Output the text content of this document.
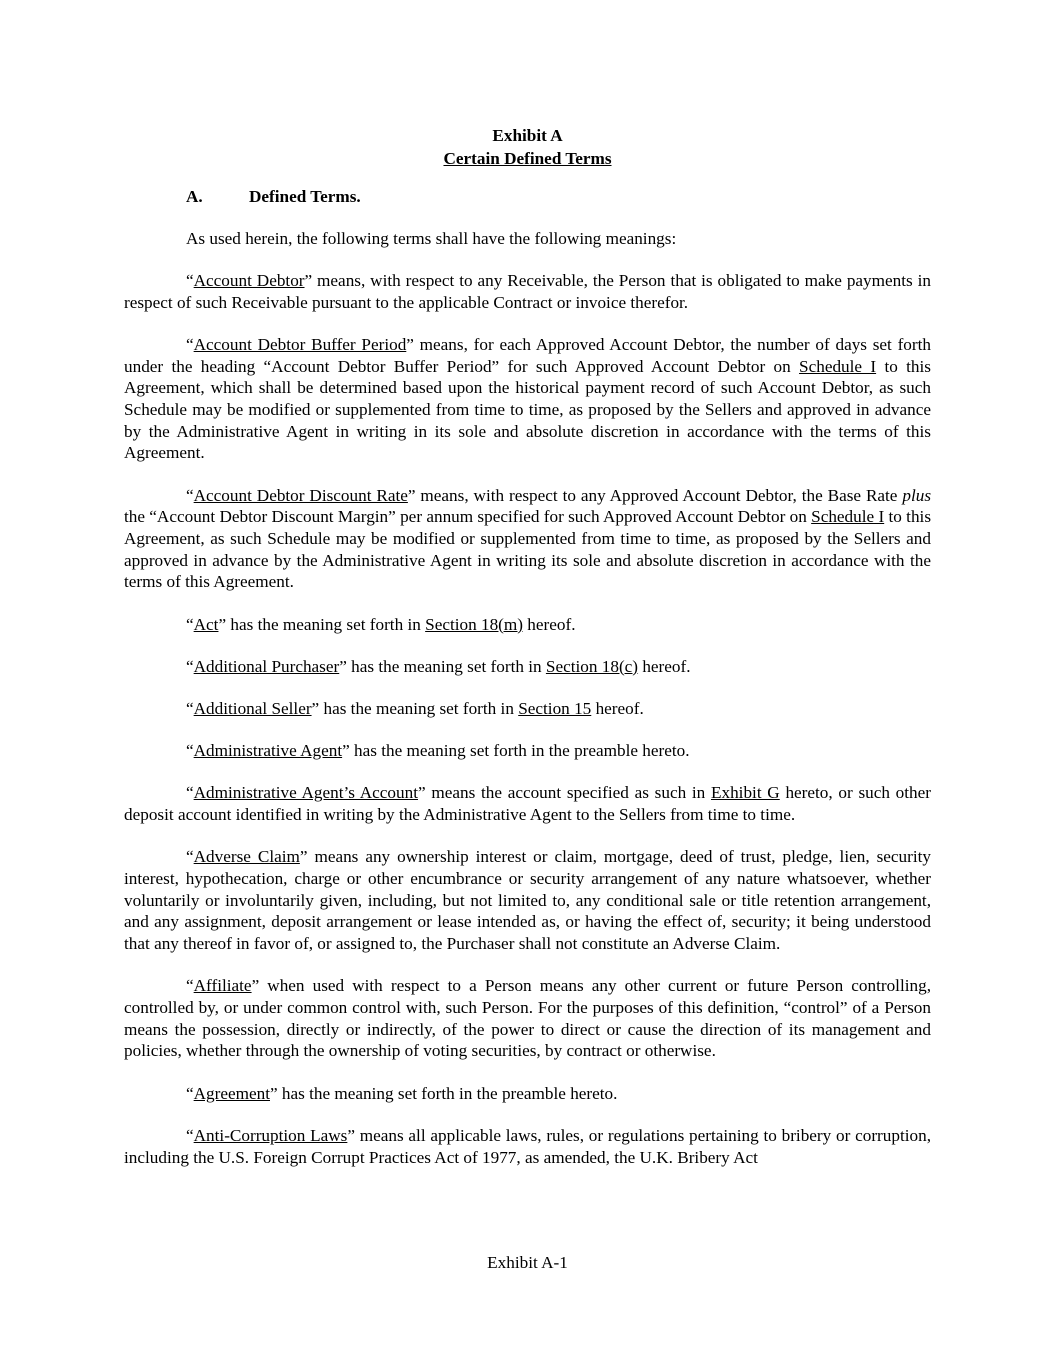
Exhibit A

Certain Defined Terms

A.	Defined Terms.

As used herein, the following terms shall have the following meanings:

“Account Debtor” means, with respect to any Receivable, the Person that is obligated to make payments in respect of such Receivable pursuant to the applicable Contract or invoice therefor.

“Account Debtor Buffer Period” means, for each Approved Account Debtor, the number of days set forth under the heading “Account Debtor Buffer Period” for such Approved Account Debtor on Schedule I to this Agreement, which shall be determined based upon the historical payment record of such Account Debtor, as such Schedule may be modified or supplemented from time to time, as proposed by the Sellers and approved in advance by the Administrative Agent in writing in its sole and absolute discretion in accordance with the terms of this Agreement.

“Account Debtor Discount Rate” means, with respect to any Approved Account Debtor, the Base Rate plus the “Account Debtor Discount Margin” per annum specified for such Approved Account Debtor on Schedule I to this Agreement, as such Schedule may be modified or supplemented from time to time, as proposed by the Sellers and approved in advance by the Administrative Agent in writing its sole and absolute discretion in accordance with the terms of this Agreement.

“Act” has the meaning set forth in Section 18(m) hereof.

“Additional Purchaser” has the meaning set forth in Section 18(c) hereof.

“Additional Seller” has the meaning set forth in Section 15 hereof.

“Administrative Agent” has the meaning set forth in the preamble hereto.

“Administrative Agent’s Account” means the account specified as such in Exhibit G hereto, or such other deposit account identified in writing by the Administrative Agent to the Sellers from time to time.

“Adverse Claim” means any ownership interest or claim, mortgage, deed of trust, pledge, lien, security interest, hypothecation, charge or other encumbrance or security arrangement of any nature whatsoever, whether voluntarily or involuntarily given, including, but not limited to, any conditional sale or title retention arrangement, and any assignment, deposit arrangement or lease intended as, or having the effect of, security; it being understood that any thereof in favor of, or assigned to, the Purchaser shall not constitute an Adverse Claim.

“Affiliate” when used with respect to a Person means any other current or future Person controlling, controlled by, or under common control with, such Person. For the purposes of this definition, “control” of a Person means the possession, directly or indirectly, of the power to direct or cause the direction of its management and policies, whether through the ownership of voting securities, by contract or otherwise.

“Agreement” has the meaning set forth in the preamble hereto.

“Anti-Corruption Laws” means all applicable laws, rules, or regulations pertaining to bribery or corruption, including the U.S. Foreign Corrupt Practices Act of 1977, as amended, the U.K. Bribery Act

Exhibit A-1
